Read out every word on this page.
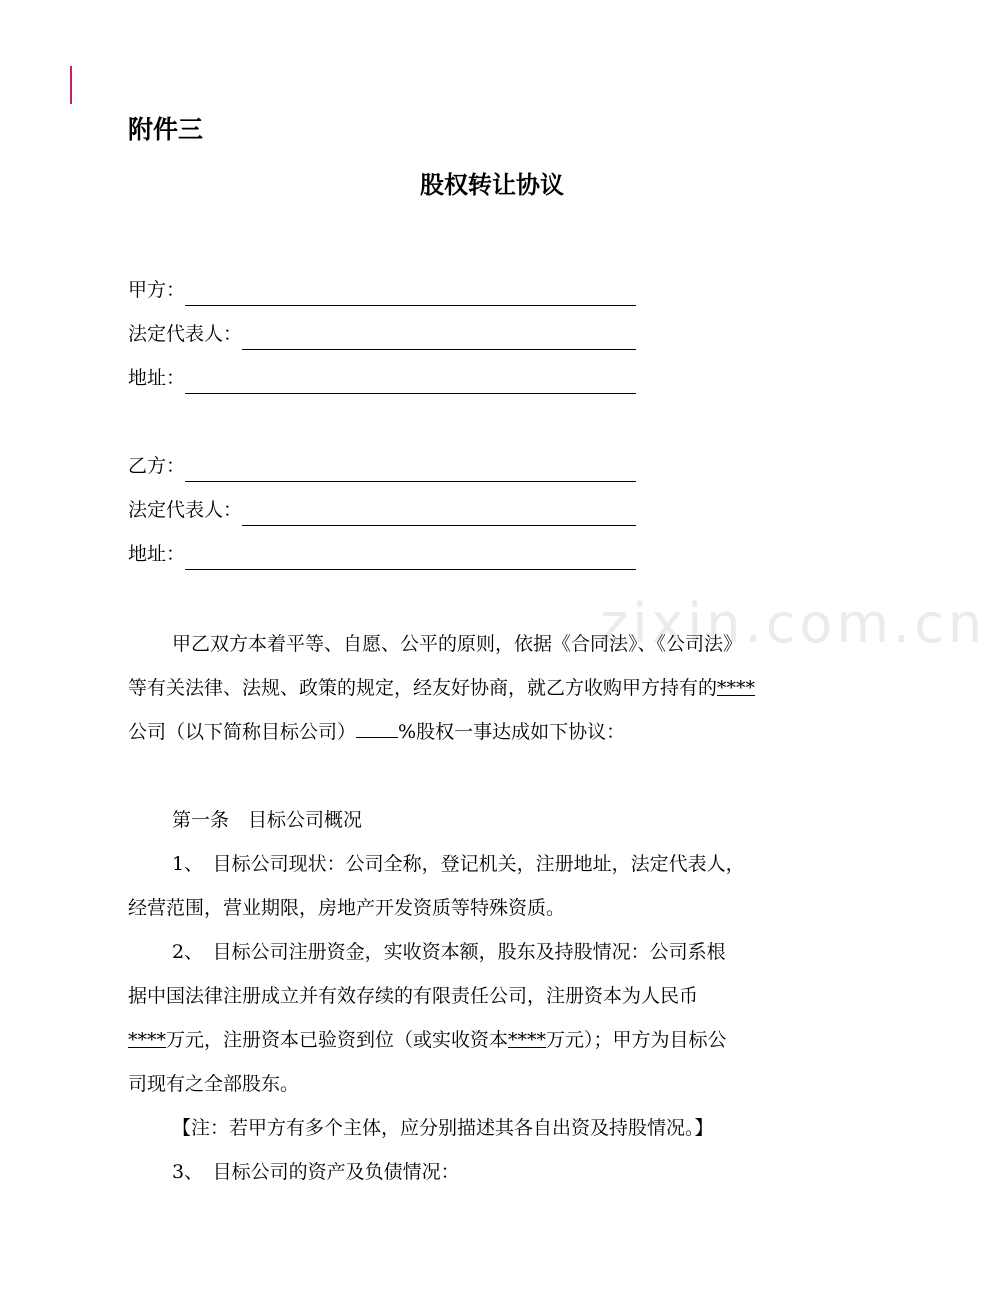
附件三
股权转让协议
甲方：
法定代表人：
地址：
乙方：
法定代表人：
地址：
zixin.com.cn
甲乙双方本着平等、自愿、公平的原则，依据《合同法》、《公司法》
等有关法律、法规、政策的规定，经友好协商，就乙方收购甲方持有的****
公司（以下简称目标公司） %股权一事达成如下协议：
第一条　目标公司概况
1、　目标公司现状：公司全称，登记机关，注册地址，法定代表人，
经营范围，营业期限，房地产开发资质等特殊资质。
2、　目标公司注册资金，实收资本额，股东及持股情况：公司系根
据中国法律注册成立并有效存续的有限责任公司，注册资本为人民币
****万元，注册资本已验资到位（或实收资本****万元）；甲方为目标公
司现有之全部股东。
【注：若甲方有多个主体，应分别描述其各自出资及持股情况。】
3、　目标公司的资产及负债情况：
